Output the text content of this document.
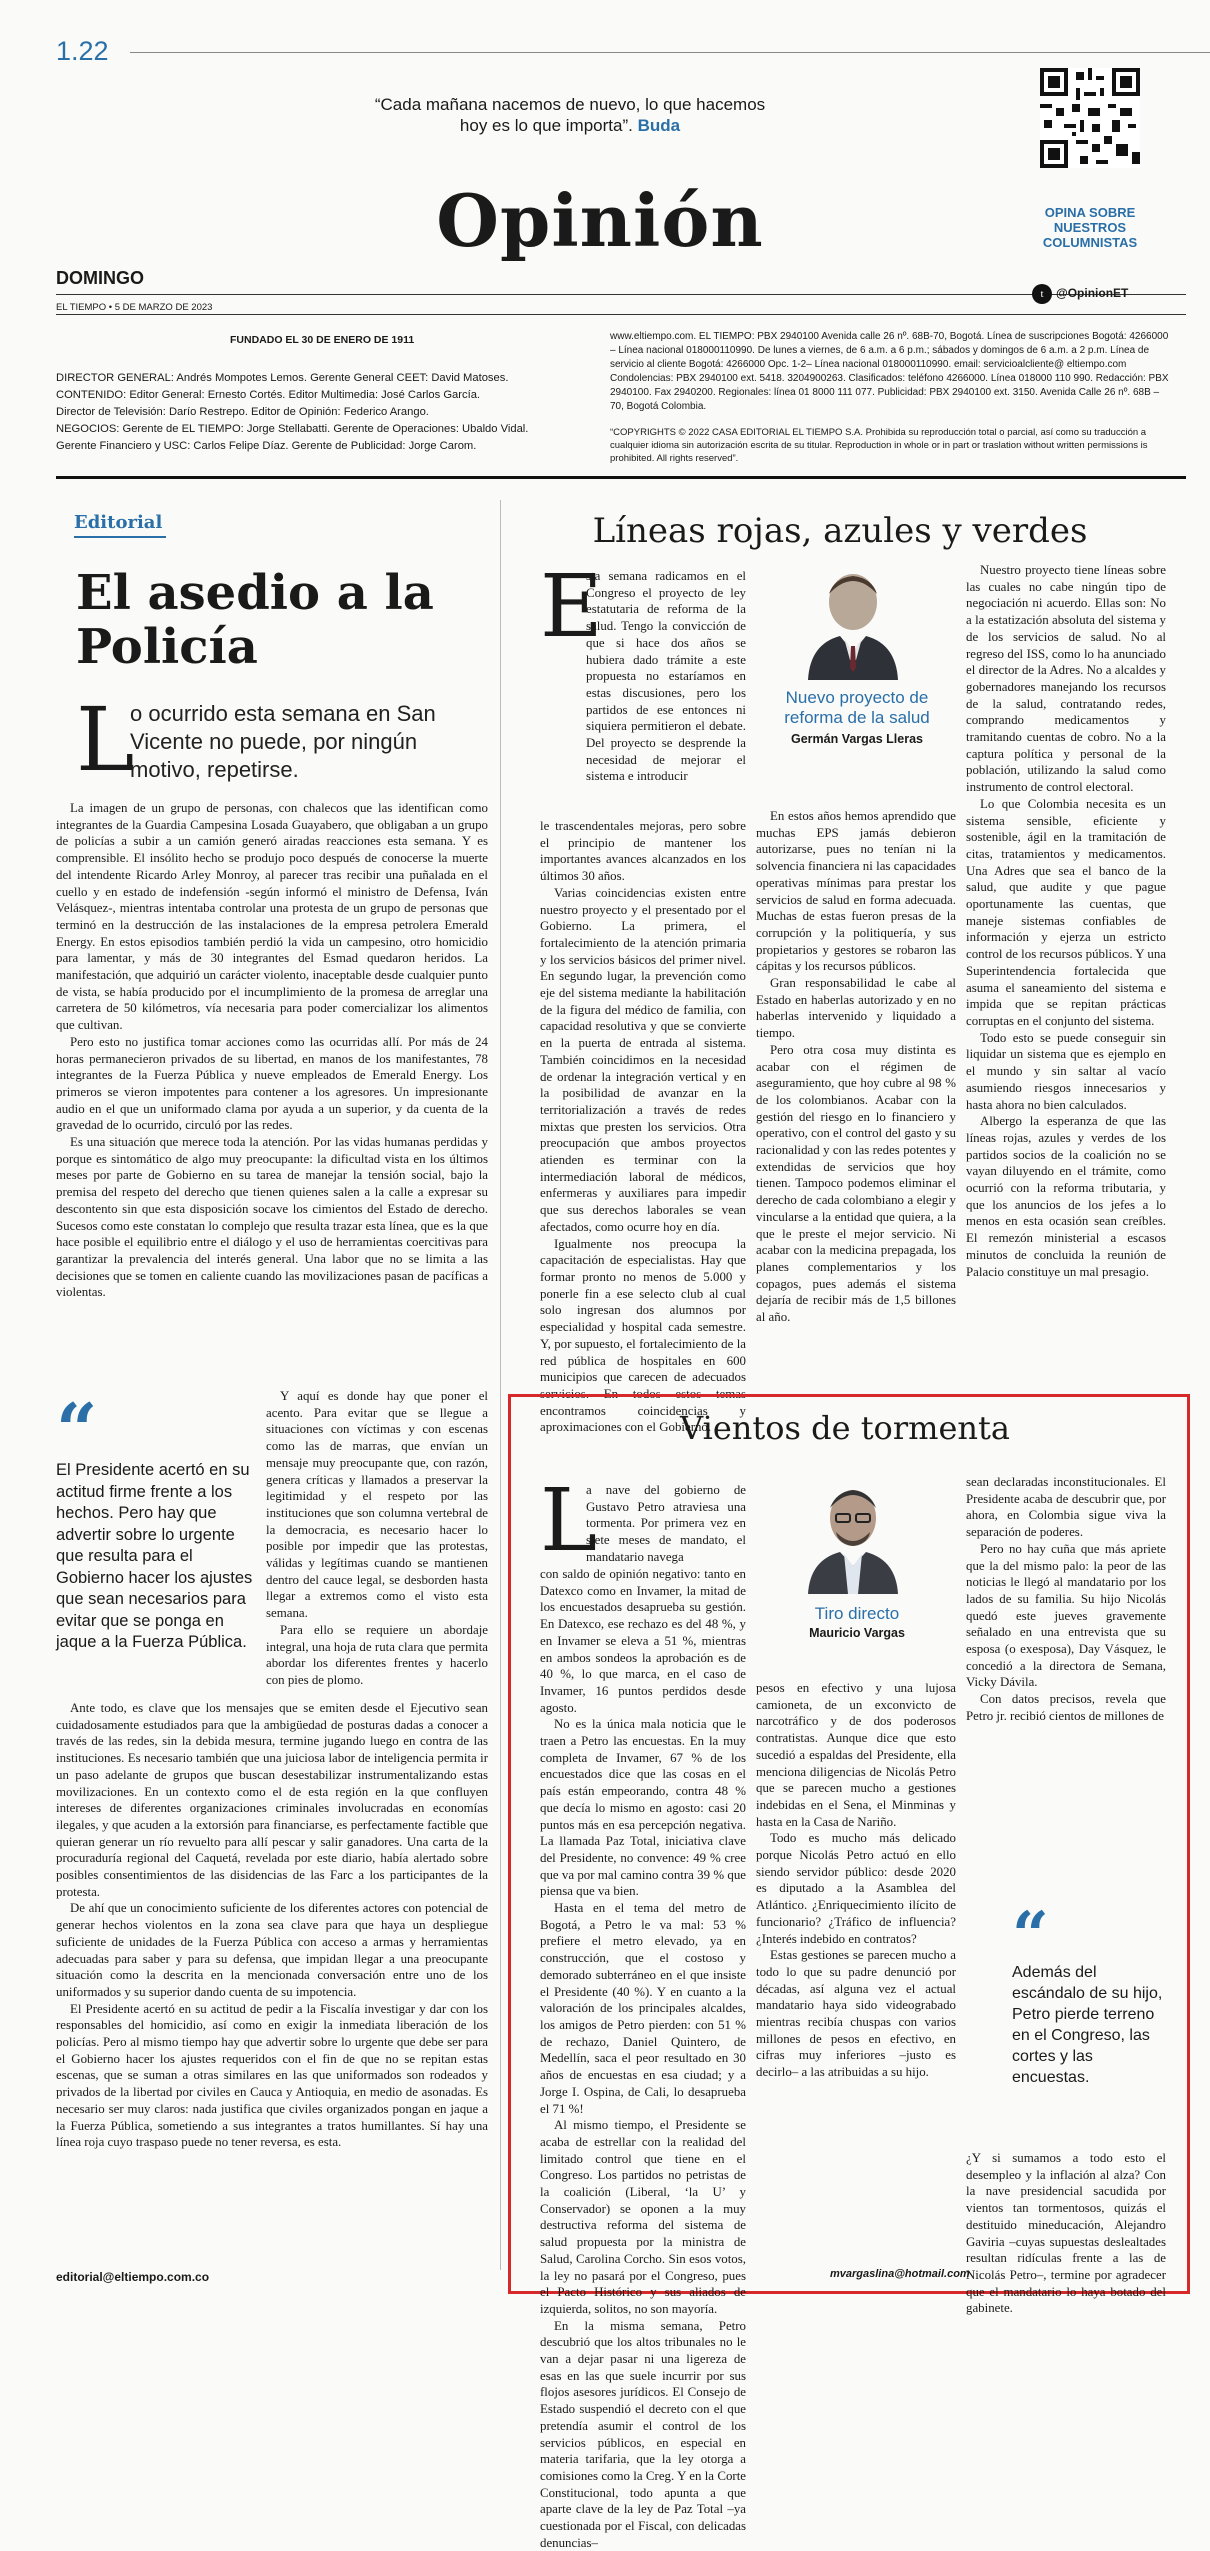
1.22
“Cada mañana nacemos de nuevo, lo que hacemos hoy es lo que importa”. Buda
OPINA SOBRE NUESTROS COLUMNISTAS
Opinión
DOMINGO
EL TIEMPO • 5 DE MARZO DE 2023
t	@OpinionET
FUNDADO EL 30 DE ENERO DE 1911
DIRECTOR GENERAL: Andrés Mompotes Lemos. Gerente General CEET: David Matoses.
CONTENIDO: Editor General: Ernesto Cortés. Editor Multimedia: José Carlos García.
Director de Televisión: Darío Restrepo. Editor de Opinión: Federico Arango.
NEGOCIOS: Gerente de EL TIEMPO: Jorge Stellabatti. Gerente de Operaciones: Ubaldo Vidal.
Gerente Financiero y USC: Carlos Felipe Díaz. Gerente de Publicidad: Jorge Carom.
www.eltiempo.com. EL TIEMPO: PBX 2940100 Avenida calle 26 nº. 68B-70, Bogotá. Línea de suscripciones Bogotá: 4266000 – Línea nacional 018000110990. De lunes a viernes, de 6 a.m. a 6 p.m.; sábados y domingos de 6 a.m. a 2 p.m. Línea de servicio al cliente Bogotá: 4266000 Opc. 1-2– Línea nacional 018000110990. email: servicioalcliente@ eltiempo.com Condolencias: PBX 2940100 ext. 5418. 3204900263. Clasificados: teléfono 4266000. Línea 018000 110 990. Redacción: PBX 2940100. Fax 2940200. Regionales: línea 01 8000 111 077. Publicidad: PBX 2940100 ext. 3150. Avenida Calle 26 nº. 68B – 70, Bogotá Colombia.
“COPYRIGHTS © 2022 CASA EDITORIAL EL TIEMPO S.A. Prohibida su reproducción total o parcial, así como su traducción a cualquier idioma sin autorización escrita de su titular. Reproduction in whole or in part or traslation without written permissions is prohibited. All rights reserved”.
Editorial
El asedio a la Policía
L
o ocurrido esta semana en San Vicente no puede, por ningún motivo, repetirse.

La imagen de un grupo de personas, con chalecos que las identifican como integrantes de la Guardia Campesina Losada Guayabero, que obligaban a un grupo de policías a subir a un camión generó airadas reacciones esta semana. Y es comprensible. El insólito hecho se produjo poco después de conocerse la muerte del intendente Ricardo Arley Monroy, al parecer tras recibir una puñalada en el cuello y en estado de indefensión -según informó el ministro de Defensa, Iván Velásquez-, mientras intentaba controlar una protesta de un grupo de personas que terminó en la destrucción de las instalaciones de la empresa petrolera Emerald Energy. En estos episodios también perdió la vida un campesino, otro homicidio para lamentar, y más de 30 integrantes del Esmad quedaron heridos. La manifestación, que adquirió un carácter violento, inaceptable desde cualquier punto de vista, se había producido por el incumplimiento de la promesa de arreglar una carretera de 50 kilómetros, vía necesaria para poder comercializar los alimentos que cultivan.

Pero esto no justifica tomar acciones como las ocurridas allí. Por más de 24 horas permanecieron privados de su libertad, en manos de los manifestantes, 78 integrantes de la Fuerza Pública y nueve empleados de Emerald Energy. Los primeros se vieron impotentes para contener a los agresores. Un impresionante audio en el que un uniformado clama por ayuda a un superior, y da cuenta de la gravedad de lo ocurrido, circuló por las redes.

Es una situación que merece toda la atención. Por las vidas humanas perdidas y porque es sintomático de algo muy preocupante: la dificultad vista en los últimos meses por parte de Gobierno en su tarea de manejar la tensión social, bajo la premisa del respeto del derecho que tienen quienes salen a la calle a expresar su descontento sin que esta disposición socave los cimientos del Estado de derecho. Sucesos como este constatan lo complejo que resulta trazar esta línea, que es la que hace posible el equilibrio entre el diálogo y el uso de herramientas coercitivas para garantizar la prevalencia del interés general. Una labor que no se limita a las decisiones que se tomen en caliente cuando las movilizaciones pasan de pacíficas a violentas.

“
El Presidente acertó en su actitud firme frente a los hechos. Pero hay que advertir sobre lo urgente que resulta para el Gobierno hacer los ajustes que sean necesarios para evitar que se ponga en jaque a la Fuerza Pública.

Y aquí es donde hay que poner el acento. Para evitar que se llegue a situaciones con víctimas y con escenas como las de marras, que envían un mensaje muy preocupante que, con razón, genera críticas y llamados a preservar la legitimidad y el respeto por las instituciones que son columna vertebral de la democracia, es necesario hacer lo posible por impedir que las protestas, válidas y legítimas cuando se mantienen dentro del cauce legal, se desborden hasta llegar a extremos como el visto esta semana.

Para ello se requiere un abordaje integral, una hoja de ruta clara que permita abordar los diferentes frentes y hacerlo con pies de plomo.

Ante todo, es clave que los mensajes que se emiten desde el Ejecutivo sean cuidadosamente estudiados para que la ambigüedad de posturas dadas a conocer a través de las redes, sin la debida mesura, termine jugando luego en contra de las instituciones. Es necesario también que una juiciosa labor de inteligencia permita ir un paso adelante de grupos que buscan desestabilizar instrumentalizando estas movilizaciones. En un contexto como el de esta región en la que confluyen intereses de diferentes organizaciones criminales involucradas en economías ilegales, y que acuden a la extorsión para financiarse, es perfectamente factible que quieran generar un río revuelto para allí pescar y salir ganadores. Una carta de la procuraduría regional del Caquetá, revelada por este diario, había alertado sobre posibles consentimientos de las disidencias de las Farc a los participantes de la protesta.

De ahí que un conocimiento suficiente de los diferentes actores con potencial de generar hechos violentos en la zona sea clave para que haya un despliegue suficiente de unidades de la Fuerza Pública con acceso a armas y herramientas adecuadas para saber y para su defensa, que impidan llegar a una preocupante situación como la descrita en la mencionada conversación entre uno de los uniformados y su superior dando cuenta de su impotencia.

El Presidente acertó en su actitud de pedir a la Fiscalía investigar y dar con los responsables del homicidio, así como en exigir la inmediata liberación de los policías. Pero al mismo tiempo hay que advertir sobre lo urgente que debe ser para el Gobierno hacer los ajustes requeridos con el fin de que no se repitan estas escenas, que se suman a otras similares en las que uniformados son rodeados y privados de la libertad por civiles en Cauca y Antioquia, en medio de asonadas. Es necesario ser muy claros: nada justifica que civiles organizados pongan en jaque a la Fuerza Pública, sometiendo a sus integrantes a tratos humillantes. Sí hay una línea roja cuyo traspaso puede no tener reversa, es esta.

editorial@eltiempo.com.co
Líneas rojas, azules y verdes
E
sta semana radicamos en el Congreso el proyecto de ley estatutaria de reforma de la salud. Tengo la convicción de que si hace dos años se hubiera dado trámite a este propuesta no estaríamos en estas discusiones, pero los partidos de ese entonces ni siquiera permitieron el debate. Del proyecto se desprende la necesidad de mejorar el sistema e introducir
Nuevo proyecto de reforma de la salud
Germán Vargas Lleras

le trascendentales mejoras, pero sobre el principio de mantener los importantes avances alcanzados en los últimos 30 años.

Varias coincidencias existen entre nuestro proyecto y el presentado por el Gobierno. La primera, el fortalecimiento de la atención primaria y los servicios básicos del primer nivel. En segundo lugar, la prevención como eje del sistema mediante la habilitación de la figura del médico de familia, con capacidad resolutiva y que se convierte en la puerta de entrada al sistema. También coincidimos en la necesidad de ordenar la integración vertical y en la posibilidad de avanzar en la territorialización a través de redes mixtas que presten los servicios. Otra preocupación que ambos proyectos atienden es terminar con la intermediación laboral de médicos, enfermeras y auxiliares para impedir que sus derechos laborales se vean afectados, como ocurre hoy en día.

Igualmente nos preocupa la capacitación de especialistas. Hay que formar pronto no menos de 5.000 y ponerle fin a ese selecto club al cual solo ingresan dos alumnos por especialidad y hospital cada semestre. Y, por supuesto, el fortalecimiento de la red pública de hospitales en 600 municipios que carecen de adecuados servicios. En todos estos temas encontramos coincidencias y aproximaciones con el Gobierno.

En estos años hemos aprendido que muchas EPS jamás debieron autorizarse, pues no tenían ni la solvencia financiera ni las capacidades operativas mínimas para prestar los servicios de salud en forma adecuada. Muchas de estas fueron presas de la corrupción y la politiquería, y sus propietarios y gestores se robaron las cápitas y los recursos públicos.

Gran responsabilidad le cabe al Estado en haberlas autorizado y en no haberlas intervenido y liquidado a tiempo.

Pero otra cosa muy distinta es acabar con el régimen de aseguramiento, que hoy cubre al 98 % de los colombianos. Acabar con la gestión del riesgo en lo financiero y operativo, con el control del gasto y su racionalidad y con las redes potentes y extendidas de servicios que hoy tienen. Tampoco podemos eliminar el derecho de cada colombiano a elegir y vincularse a la entidad que quiera, a la que le preste el mejor servicio. Ni acabar con la medicina prepagada, los planes complementarios y los copagos, pues además el sistema dejaría de recibir más de 1,5 billones al año.

Nuestro proyecto tiene líneas sobre las cuales no cabe ningún tipo de negociación ni acuerdo. Ellas son: No a la estatización absoluta del sistema y de los servicios de salud. No al regreso del ISS, como lo ha anunciado el director de la Adres. No a alcaldes y gobernadores manejando los recursos de la salud, contratando redes, comprando medicamentos y tramitando cuentas de cobro. No a la captura política y personal de la población, utilizando la salud como instrumento de control electoral.

Lo que Colombia necesita es un sistema sensible, eficiente y sostenible, ágil en la tramitación de citas, tratamientos y medicamentos. Una Adres que sea el banco de la salud, que audite y que pague oportunamente las cuentas, que maneje sistemas confiables de información y ejerza un estricto control de los recursos públicos. Y una Superintendencia fortalecida que asuma el saneamiento del sistema e impida que se repitan prácticas corruptas en el conjunto del sistema.

Todo esto se puede conseguir sin liquidar un sistema que es ejemplo en el mundo y sin saltar al vacío asumiendo riesgos innecesarios y hasta ahora no bien calculados.

Albergo la esperanza de que las líneas rojas, azules y verdes de los partidos socios de la coalición no se vayan diluyendo en el trámite, como ocurrió con la reforma tributaria, y que los anuncios de los jefes a lo menos en esta ocasión sean creíbles. El remezón ministerial a escasos minutos de concluida la reunión de Palacio constituye un mal presagio.

Vientos de tormenta
L
a nave del gobierno de Gustavo Petro atraviesa una tormenta. Por primera vez en siete meses de mandato, el mandatario navega
Tiro directo
Mauricio Vargas

con saldo de opinión negativo: tanto en Datexco como en Invamer, la mitad de los encuestados desaprueba su gestión. En Datexco, ese rechazo es del 48 %, y en Invamer se eleva a 51 %, mientras en ambos sondeos la aprobación es de 40 %, lo que marca, en el caso de Invamer, 16 puntos perdidos desde agosto.

No es la única mala noticia que le traen a Petro las encuestas. En la muy completa de Invamer, 67 % de los encuestados dice que las cosas en el país están empeorando, contra 48 % que decía lo mismo en agosto: casi 20 puntos más en esa percepción negativa. La llamada Paz Total, iniciativa clave del Presidente, no convence: 49 % cree que va por mal camino contra 39 % que piensa que va bien.

Hasta en el tema del metro de Bogotá, a Petro le va mal: 53 % prefiere el metro elevado, ya en construcción, que el costoso y demorado subterráneo en el que insiste el Presidente (40 %). Y en cuanto a la valoración de los principales alcaldes, los amigos de Petro pierden: con 51 % de rechazo, Daniel Quintero, de Medellín, saca el peor resultado en 30 años de encuestas en esa ciudad; y a Jorge I. Ospina, de Cali, lo desaprueba el 71 %!

Al mismo tiempo, el Presidente se acaba de estrellar con la realidad del limitado control que tiene en el Congreso. Los partidos no petristas de la coalición (Liberal, ‘la U’ y Conservador) se oponen a la muy destructiva reforma del sistema de salud propuesta por la ministra de Salud, Carolina Corcho. Sin esos votos, la ley no pasará por el Congreso, pues el Pacto Histórico y sus aliados de izquierda, solitos, no son mayoría.

En la misma semana, Petro descubrió que los altos tribunales no le van a dejar pasar ni una ligereza de esas en las que suele incurrir por sus flojos asesores jurídicos. El Consejo de Estado suspendió el decreto con el que pretendía asumir el control de los servicios públicos, en especial en materia tarifaria, que la ley otorga a comisiones como la Creg. Y en la Corte Constitucional, todo apunta a que aparte clave de la ley de Paz Total –ya cuestionada por el Fiscal, con delicadas denuncias–

pesos en efectivo y una lujosa camioneta, de un exconvicto de narcotráfico y de dos poderosos contratistas. Aunque dice que esto sucedió a espaldas del Presidente, ella menciona diligencias de Nicolás Petro que se parecen mucho a gestiones indebidas en el Sena, el Minminas y hasta en la Casa de Nariño.

Todo es mucho más delicado porque Nicolás Petro actuó en ello siendo servidor público: desde 2020 es diputado a la Asamblea del Atlántico. ¿Enriquecimiento ilícito de funcionario? ¿Tráfico de influencia? ¿Interés indebido en contratos?

Estas gestiones se parecen mucho a todo lo que su padre denunció por décadas, así alguna vez el actual mandatario haya sido videograbado mientras recibía chuspas con varios millones de pesos en efectivo, en cifras muy inferiores –justo es decirlo– a las atribuidas a su hijo.

sean declaradas inconstitucionales. El Presidente acaba de descubrir que, por ahora, en Colombia sigue viva la separación de poderes.

Pero no hay cuña que más apriete que la del mismo palo: la peor de las noticias le llegó al mandatario por los lados de su familia. Su hijo Nicolás quedó este jueves gravemente señalado en una entrevista que su esposa (o exesposa), Day Vásquez, le concedió a la directora de Semana, Vicky Dávila.

Con datos precisos, revela que Petro jr. recibió cientos de millones de

“
Además del escándalo de su hijo, Petro pierde terreno en el Congreso, las cortes y las encuestas.

¿Y si sumamos a todo esto el desempleo y la inflación al alza? Con la nave presidencial sacudida por vientos tan tormentosos, quizás el destituido mineducación, Alejandro Gaviria –cuyas supuestas deslealtades resultan ridículas frente a las de Nicolás Petro–, termine por agradecer que el mandatario lo haya botado del gabinete.

mvargaslina@hotmail.com
